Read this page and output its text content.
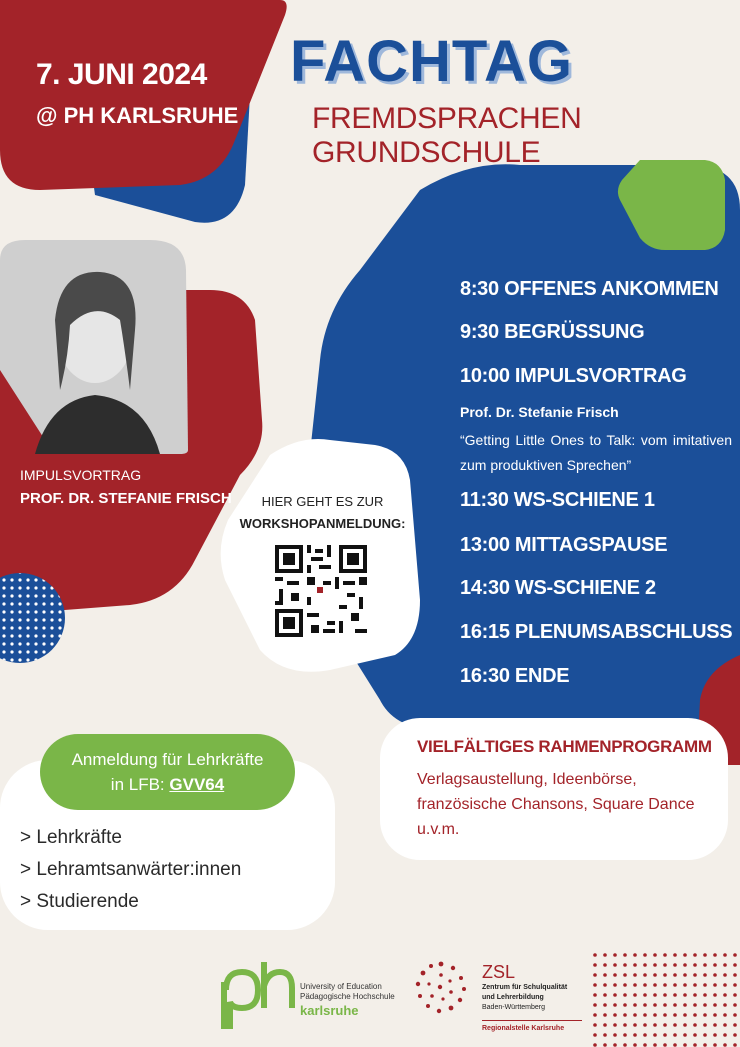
7. JUNI 2024
@ PH KARLSRUHE
FACHTAG
FREMDSPRACHEN GRUNDSCHULE
8:30 OFFENES ANKOMMEN
9:30 BEGRÜSSUNG
10:00 IMPULSVORTRAG
Prof. Dr. Stefanie Frisch
“Getting Little Ones to Talk: vom imitativen zum produktiven Sprechen”
11:30 WS-SCHIENE 1
13:00 MITTAGSPAUSE
14:30 WS-SCHIENE 2
16:15 PLENUMSABSCHLUSS
16:30 ENDE
IMPULSVORTRAG
PROF. DR. STEFANIE FRISCH	HIER GEHT ES ZUR
WORKSHOPANMELDUNG:
Anmeldung für Lehrkräfte
in LFB: GVV64
> Lehrkräfte
> Lehramtsanwärter:innen
> Studierende
VIELFÄLTIGES RAHMENPROGRAMM
Verlagsaustellung, Ideenbörse, französische Chansons, Square Dance u.v.m.
University of Education
Pädagogische Hochschule
karlsruhe
ZSL
Zentrum für Schulqualität
und Lehrerbildung
Baden-Württemberg
Regionalstelle Karlsruhe
